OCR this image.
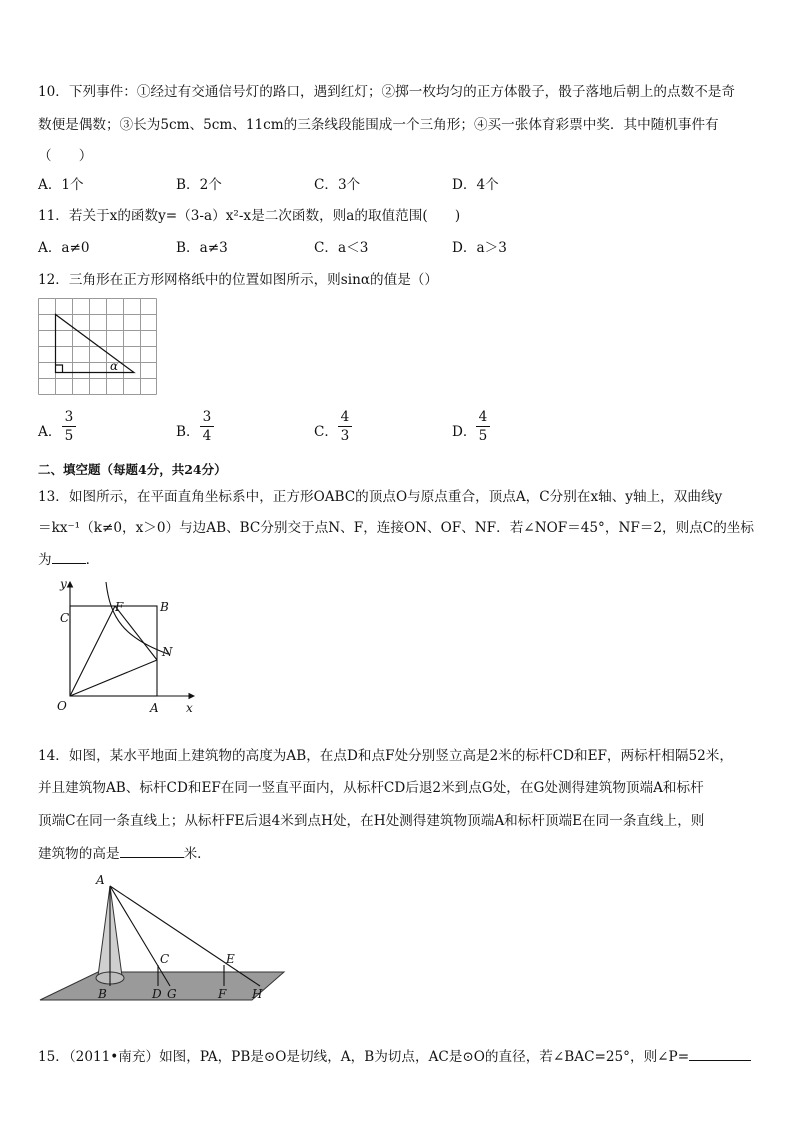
10．下列事件：①经过有交通信号灯的路口，遇到红灯；②掷一枚均匀的正方体骰子，骰子落地后朝上的点数不是奇
数便是偶数；③长为5cm、5cm、11cm的三条线段能围成一个三角形；④买一张体育彩票中奖．其中随机事件有
（　　）
A．1个	B．2个	C．3个	D．4个
11．若关于x的函数y=（3-a）x²-x是二次函数，则a的取值范围(　　)
A．a≠0	B．a≠3	C．a＜3	D．a＞3
12．三角形在正方形网格纸中的位置如图所示，则sinα的值是（）
α
A．
3
5	B．
3
4	C．
4
3	D．
4
5
二、填空题（每题4分，共24分）
13．如图所示，在平面直角坐标系中，正方形OABC的顶点O与原点重合，顶点A，C分别在x轴、y轴上，双曲线y
＝kx⁻¹（k≠0，x＞0）与边AB、BC分别交于点N、F，连接ON、OF、NF．若∠NOF＝45°，NF＝2，则点C的坐标
为	．
y
C
F	B
N
O	A x
14．如图，某水平地面上建筑物的高度为AB，在点D和点F处分别竖立高是2米的标杆CD和EF，两标杆相隔52米，
并且建筑物AB、标杆CD和EF在同一竖直平面内，从标杆CD后退2米到点G处，在G处测得建筑物顶端A和标杆
顶端C在同一条直线上；从标杆FE后退4米到点H处，在H处测得建筑物顶端A和标杆顶端E在同一条直线上，则
建筑物的高是	米．
A
C	E
B	D G	F H
15．（2011•南充）如图，PA，PB是⊙O是切线，A，B为切点，AC是⊙O的直径，若∠BAC=25°，则∠P=
